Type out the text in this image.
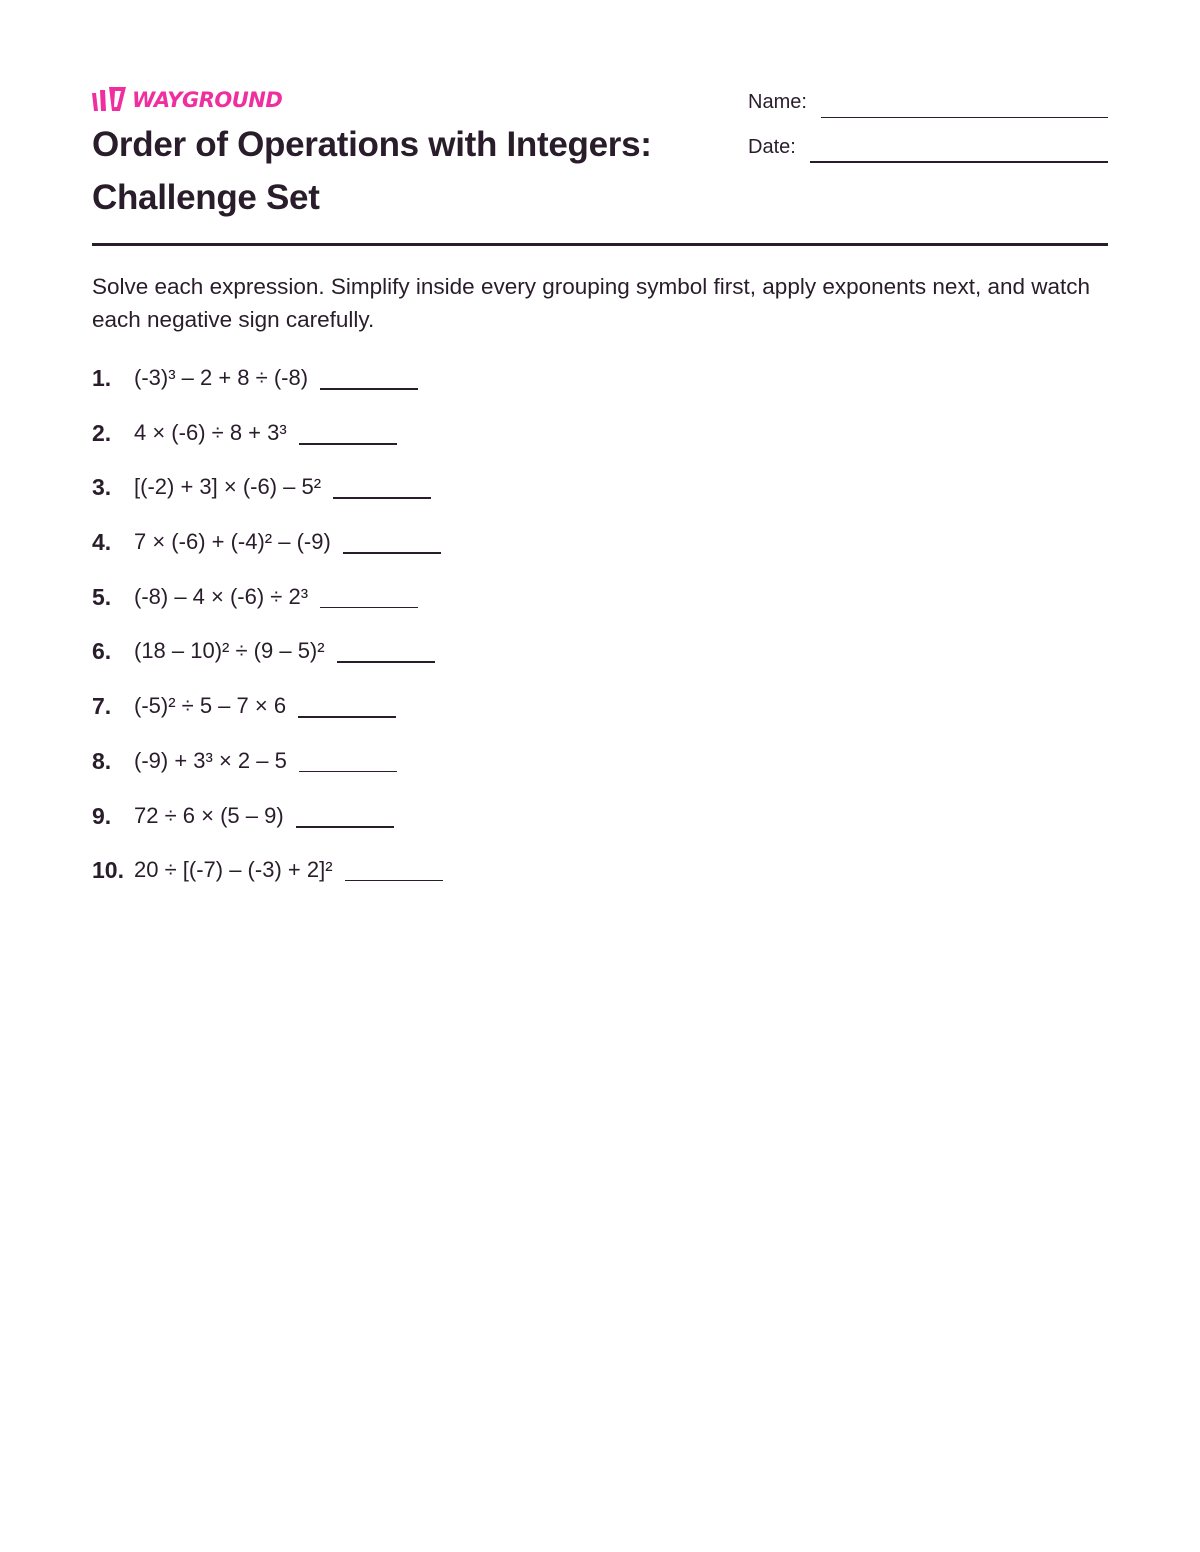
WAYGROUND
Order of Operations with Integers:
Challenge Set
Name:
Date:

Solve each expression. Simplify inside every grouping symbol first, apply exponents next, and watch each negative sign carefully.

1.	(-3)³ – 2 + 8 ÷ (-8)
2.	4 × (-6) ÷ 8 + 3³
3.	[(-2) + 3] × (-6) – 5²
4.	7 × (-6) + (-4)² – (-9)
5.	(-8) – 4 × (-6) ÷ 2³
6.	(18 – 10)² ÷ (9 – 5)²
7.	(-5)² ÷ 5 – 7 × 6
8.	(-9) + 3³ × 2 – 5
9.	72 ÷ 6 × (5 – 9)
10. 20 ÷ [(-7) – (-3) + 2]²
